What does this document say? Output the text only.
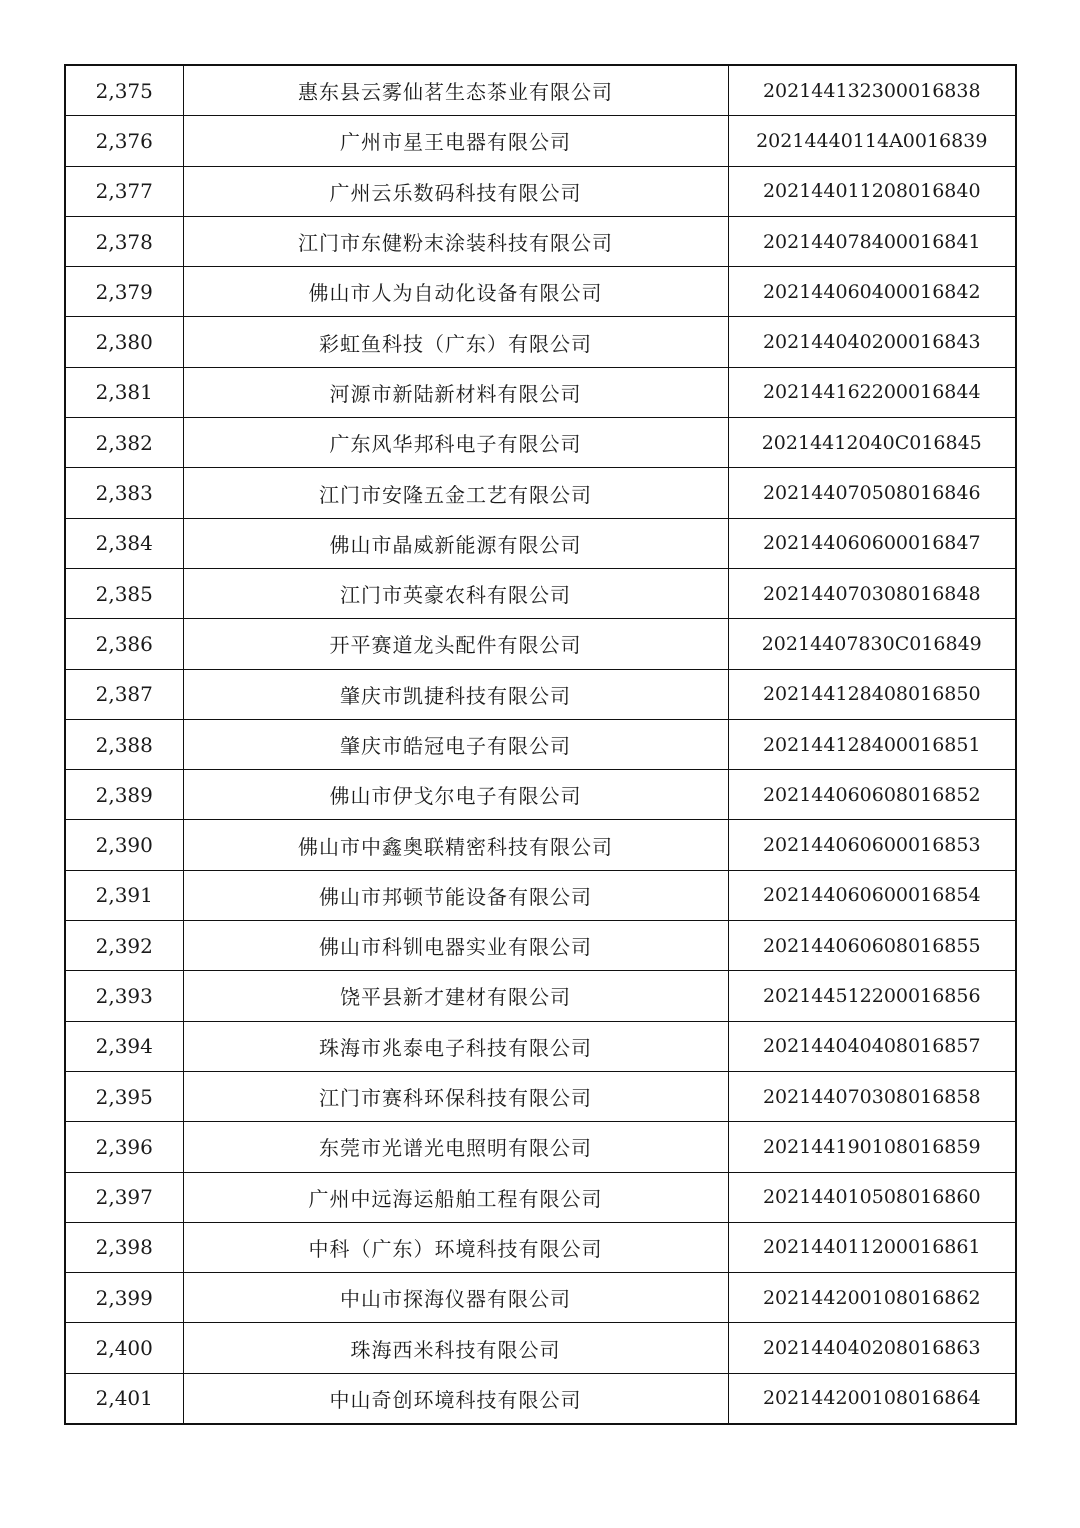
2,375	惠东县云雾仙茗生态茶业有限公司	202144132300016838
2,376	广州市星王电器有限公司	20214440114A0016839
2,377	广州云乐数码科技有限公司	202144011208016840
2,378	江门市东健粉末涂装科技有限公司	202144078400016841
2,379	佛山市人为自动化设备有限公司	202144060400016842
2,380	彩虹鱼科技（广东）有限公司	202144040200016843
2,381	河源市新陆新材料有限公司	202144162200016844
2,382	广东风华邦科电子有限公司	20214412040C016845
2,383	江门市安隆五金工艺有限公司	202144070508016846
2,384	佛山市晶威新能源有限公司	202144060600016847
2,385	江门市英豪农科有限公司	202144070308016848
2,386	开平赛道龙头配件有限公司	20214407830C016849
2,387	肇庆市凯捷科技有限公司	202144128408016850
2,388	肇庆市皓冠电子有限公司	202144128400016851
2,389	佛山市伊戈尔电子有限公司	202144060608016852
2,390	佛山市中鑫奥联精密科技有限公司	202144060600016853
2,391	佛山市邦顿节能设备有限公司	202144060600016854
2,392	佛山市科钏电器实业有限公司	202144060608016855
2,393	饶平县新才建材有限公司	202144512200016856
2,394	珠海市兆泰电子科技有限公司	202144040408016857
2,395	江门市赛科环保科技有限公司	202144070308016858
2,396	东莞市光谱光电照明有限公司	202144190108016859
2,397	广州中远海运船舶工程有限公司	202144010508016860
2,398	中科（广东）环境科技有限公司	202144011200016861
2,399	中山市探海仪器有限公司	202144200108016862
2,400	珠海西米科技有限公司	202144040208016863
2,401	中山奇创环境科技有限公司	202144200108016864
